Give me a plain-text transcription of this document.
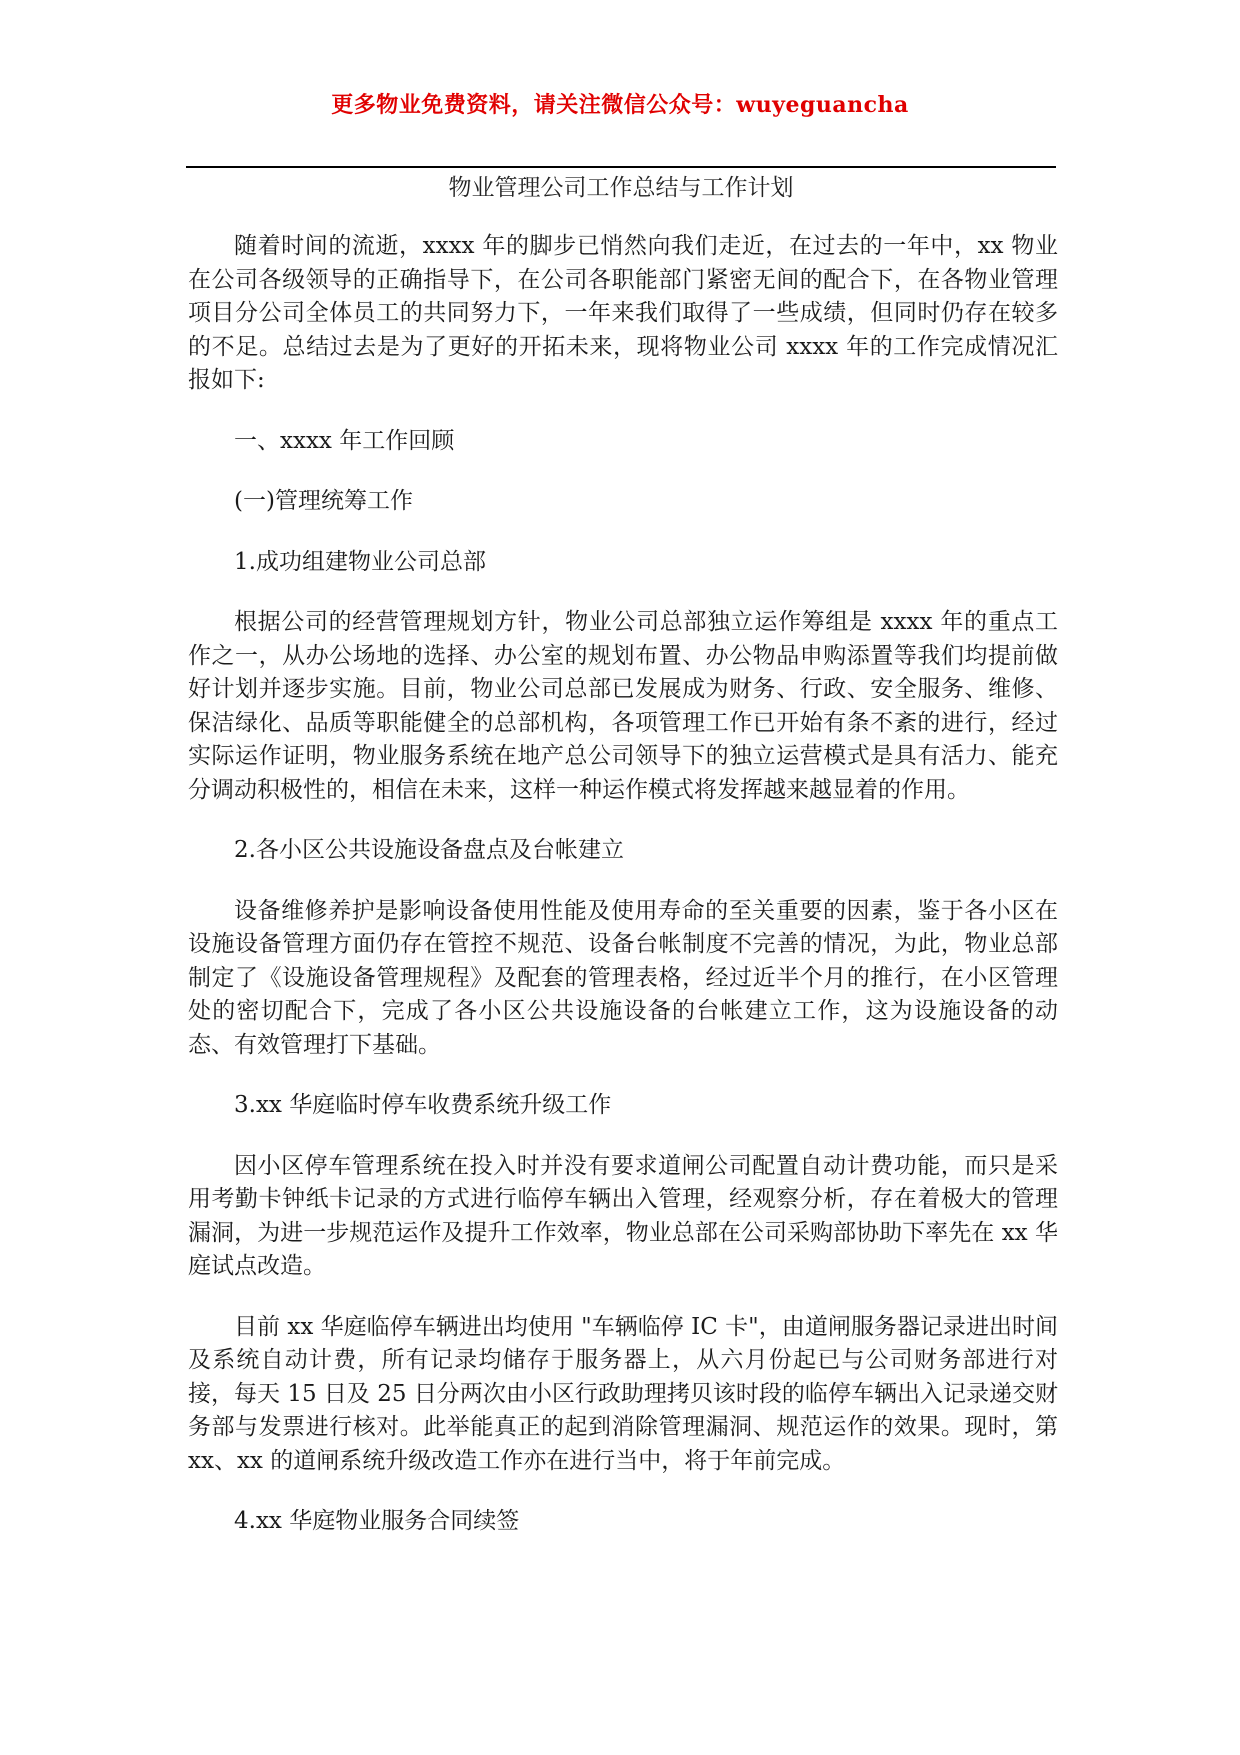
更多物业免费资料，请关注微信公众号：wuyeguancha
物业管理公司工作总结与工作计划

随着时间的流逝，xxxx 年的脚步已悄然向我们走近，在过去的一年中，xx 物业在公司各级领导的正确指导下，在公司各职能部门紧密无间的配合下，在各物业管理项目分公司全体员工的共同努力下，一年来我们取得了一些成绩，但同时仍存在较多的不足。总结过去是为了更好的开拓未来，现将物业公司 xxxx 年的工作完成情况汇报如下:

一、xxxx 年工作回顾

(一)管理统筹工作

1.成功组建物业公司总部

根据公司的经营管理规划方针，物业公司总部独立运作筹组是 xxxx 年的重点工作之一，从办公场地的选择、办公室的规划布置、办公物品申购添置等我们均提前做好计划并逐步实施。目前，物业公司总部已发展成为财务、行政、安全服务、维修、保洁绿化、品质等职能健全的总部机构，各项管理工作已开始有条不紊的进行，经过实际运作证明，物业服务系统在地产总公司领导下的独立运营模式是具有活力、能充分调动积极性的，相信在未来，这样一种运作模式将发挥越来越显着的作用。

2.各小区公共设施设备盘点及台帐建立

设备维修养护是影响设备使用性能及使用寿命的至关重要的因素，鉴于各小区在设施设备管理方面仍存在管控不规范、设备台帐制度不完善的情况，为此，物业总部制定了《设施设备管理规程》及配套的管理表格，经过近半个月的推行，在小区管理处的密切配合下，完成了各小区公共设施设备的台帐建立工作，这为设施设备的动态、有效管理打下基础。

3.xx 华庭临时停车收费系统升级工作

因小区停车管理系统在投入时并没有要求道闸公司配置自动计费功能，而只是采用考勤卡钟纸卡记录的方式进行临停车辆出入管理，经观察分析，存在着极大的管理漏洞，为进一步规范运作及提升工作效率，物业总部在公司采购部协助下率先在 xx 华庭试点改造。

目前 xx 华庭临停车辆进出均使用 "车辆临停 IC 卡"，由道闸服务器记录进出时间及系统自动计费，所有记录均储存于服务器上，从六月份起已与公司财务部进行对接，每天 15 日及 25 日分两次由小区行政助理拷贝该时段的临停车辆出入记录递交财务部与发票进行核对。此举能真正的起到消除管理漏洞、规范运作的效果。现时，第 xx、xx 的道闸系统升级改造工作亦在进行当中，将于年前完成。

4.xx 华庭物业服务合同续签
